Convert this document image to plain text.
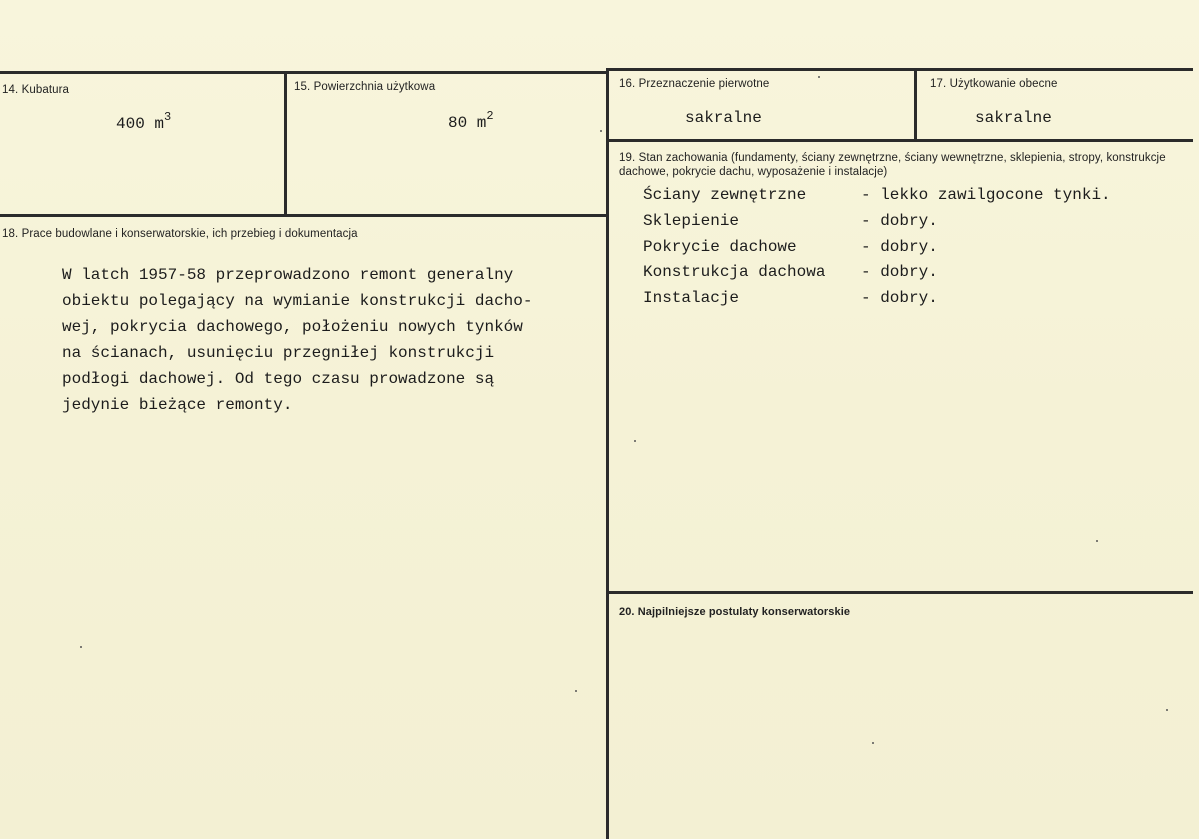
14. Kubatura
400 $m^3$
15. Powierzchnia użytkowa
80 $m^2$
16. Przeznaczenie pierwotne
sakralne
17. Użytkowanie obecne
sakralne
18. Prace budowlane i konserwatorskie, ich przebieg i dokumentacja
W latch 1957-58 przeprowadzono remont generalny
obiektu polegający na wymianie konstrukcji dacho-
wej, pokrycia dachowego, położeniu nowych tynków
na ścianach, usunięciu przegniłej konstrukcji
podłogi dachowej. Od tego czasu prowadzone są
jedynie bieżące remonty.
19. Stan zachowania (fundamenty, ściany zewnętrzne, ściany wewnętrzne, sklepienia, stropy, konstrukcje dachowe, pokrycie dachu, wyposażenie i instalacje)
Ściany zewnętrzne	- lekko zawilgocone tynki.
Sklepienie	- dobry.
Pokrycie dachowe	- dobry.
Konstrukcja dachowa - dobry.
Instalacje	- dobry.
20. Najpilniejsze postulaty konserwatorskie
